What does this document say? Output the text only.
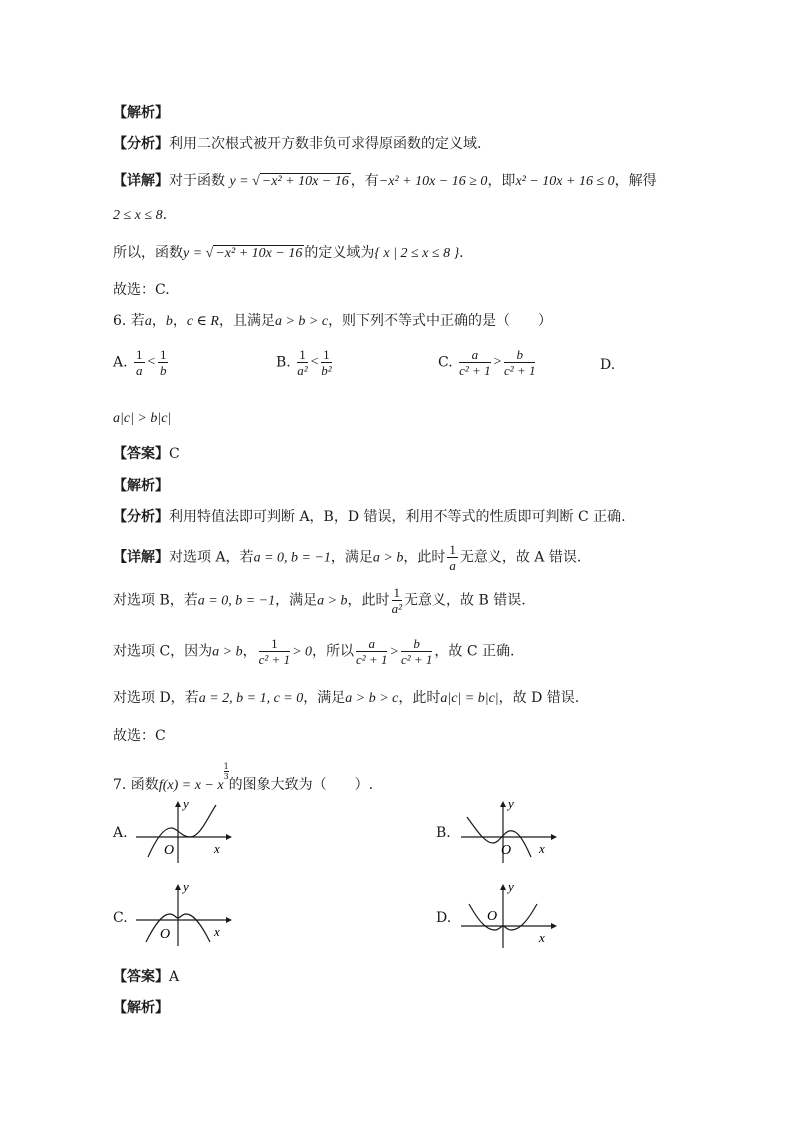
【解析】
【分析】利用二次根式被开方数非负可求得原函数的定义域.
【详解】对于函数 y = √ −x² + 10x − 16 ，有−x² + 10x − 16 ≥ 0，即x² − 10x + 16 ≤ 0，解得
2 ≤ x ≤ 8.
所以，函数y = √ −x² + 10x − 16 的定义域为{ x | 2 ≤ x ≤ 8 }.
故选：C.
6. 若a，b，c ∈ R，且满足a > b > c，则下列不等式中正确的是（　　）
A. $\frac{1}{a} < \frac{1}{b}$	B. $\frac{1}{\text{a²}} < \frac{1}{\text{b²}}$	C. $\frac{a}{\text{c² + 1}} > \frac{b}{\text{c² + 1}}$	D.
a|c| > b|c|
【答案】C
【解析】
【分析】利用特值法即可判断 A，B，D 错误，利用不等式的性质即可判断 C 正确.
【详解】对选项 A，若a = 0, b = −1，满足a > b，此时 $\frac{1}{a}$ 无意义，故 A 错误.
对选项 B，若a = 0, b = −1，满足a > b，此时 $\frac{1}{\text{a²}}$ 无意义，故 B 错误.
对选项 C，因为a > b， $\frac{1}{\text{c² + 1}} > 0$，所以 $\frac{a}{\text{c² + 1}} > \frac{b}{\text{c² + 1}}$ ，故 C 正确.
对选项 D，若a = 2, b = 1, c = 0，满足a > b > c，此时a|c| = b|c|，故 D 错误.
故选：C
7. 函数f(x) = x − x
$^{\frac{1}{3}}$
的图象大致为（　　）.
A.	B.
C.	D.
O
y
x	O
y
x
O
y
x
O
y
x
【答案】A
【解析】
